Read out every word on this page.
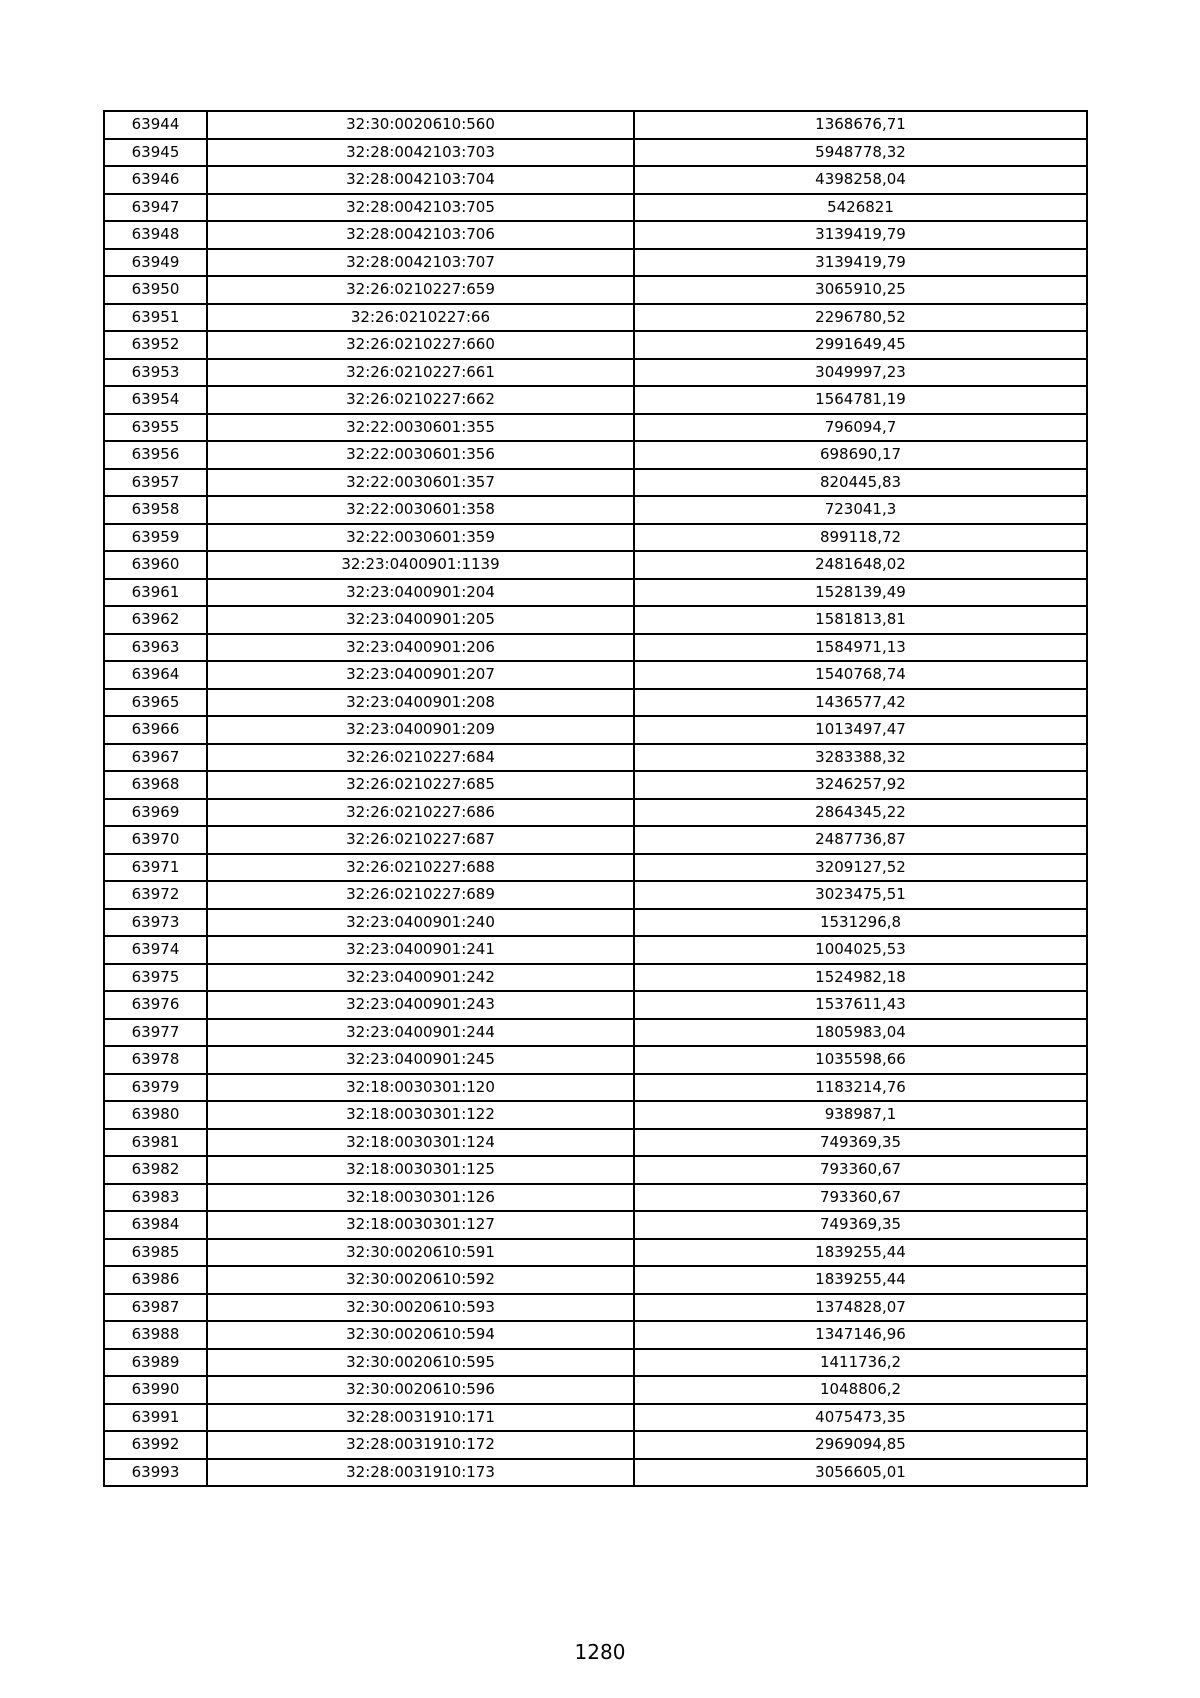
63944	32:30:0020610:560	1368676,71
63945	32:28:0042103:703	5948778,32
63946	32:28:0042103:704	4398258,04
63947	32:28:0042103:705	5426821
63948	32:28:0042103:706	3139419,79
63949	32:28:0042103:707	3139419,79
63950	32:26:0210227:659	3065910,25
63951	32:26:0210227:66	2296780,52
63952	32:26:0210227:660	2991649,45
63953	32:26:0210227:661	3049997,23
63954	32:26:0210227:662	1564781,19
63955	32:22:0030601:355	796094,7
63956	32:22:0030601:356	698690,17
63957	32:22:0030601:357	820445,83
63958	32:22:0030601:358	723041,3
63959	32:22:0030601:359	899118,72
63960	32:23:0400901:1139	2481648,02
63961	32:23:0400901:204	1528139,49
63962	32:23:0400901:205	1581813,81
63963	32:23:0400901:206	1584971,13
63964	32:23:0400901:207	1540768,74
63965	32:23:0400901:208	1436577,42
63966	32:23:0400901:209	1013497,47
63967	32:26:0210227:684	3283388,32
63968	32:26:0210227:685	3246257,92
63969	32:26:0210227:686	2864345,22
63970	32:26:0210227:687	2487736,87
63971	32:26:0210227:688	3209127,52
63972	32:26:0210227:689	3023475,51
63973	32:23:0400901:240	1531296,8
63974	32:23:0400901:241	1004025,53
63975	32:23:0400901:242	1524982,18
63976	32:23:0400901:243	1537611,43
63977	32:23:0400901:244	1805983,04
63978	32:23:0400901:245	1035598,66
63979	32:18:0030301:120	1183214,76
63980	32:18:0030301:122	938987,1
63981	32:18:0030301:124	749369,35
63982	32:18:0030301:125	793360,67
63983	32:18:0030301:126	793360,67
63984	32:18:0030301:127	749369,35
63985	32:30:0020610:591	1839255,44
63986	32:30:0020610:592	1839255,44
63987	32:30:0020610:593	1374828,07
63988	32:30:0020610:594	1347146,96
63989	32:30:0020610:595	1411736,2
63990	32:30:0020610:596	1048806,2
63991	32:28:0031910:171	4075473,35
63992	32:28:0031910:172	2969094,85
63993	32:28:0031910:173	3056605,01
1280
